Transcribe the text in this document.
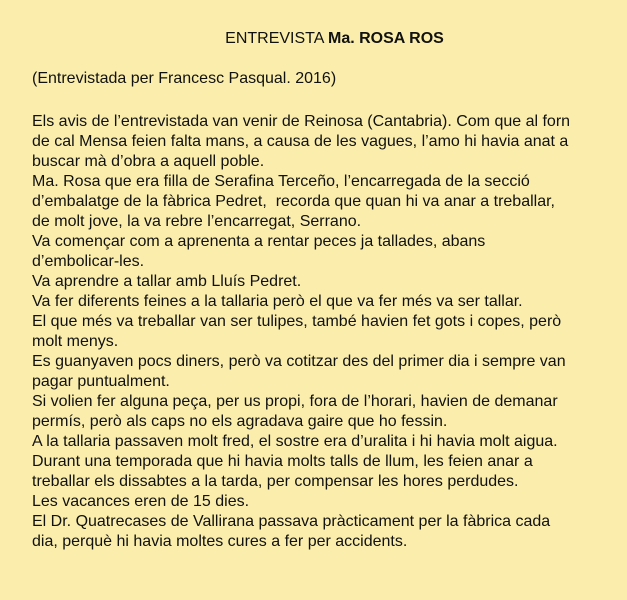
ENTREVISTA Ma. ROSA ROS
(Entrevistada per Francesc Pasqual. 2016)
Els avis de l’entrevistada van venir de Reinosa (Cantabria). Com que al forn
de cal Mensa feien falta mans, a causa de les vagues, l’amo hi havia anat a
buscar mà d’obra a aquell poble.
Ma. Rosa que era filla de Serafina Terceño, l’encarregada de la secció
d’embalatge de la fàbrica Pedret,  recorda que quan hi va anar a treballar,
de molt jove, la va rebre l’encarregat, Serrano.
Va començar com a aprenenta a rentar peces ja tallades, abans
d’embolicar-les.
Va aprendre a tallar amb Lluís Pedret.
Va fer diferents feines a la tallaria però el que va fer més va ser tallar.
El que més va treballar van ser tulipes, també havien fet gots i copes, però
molt menys.
Es guanyaven pocs diners, però va cotitzar des del primer dia i sempre van
pagar puntualment.
Si volien fer alguna peça, per us propi, fora de l’horari, havien de demanar
permís, però als caps no els agradava gaire que ho fessin.
A la tallaria passaven molt fred, el sostre era d’uralita i hi havia molt aigua.
Durant una temporada que hi havia molts talls de llum, les feien anar a
treballar els dissabtes a la tarda, per compensar les hores perdudes.
Les vacances eren de 15 dies.
El Dr. Quatrecases de Vallirana passava pràcticament per la fàbrica cada
dia, perquè hi havia moltes cures a fer per accidents.
